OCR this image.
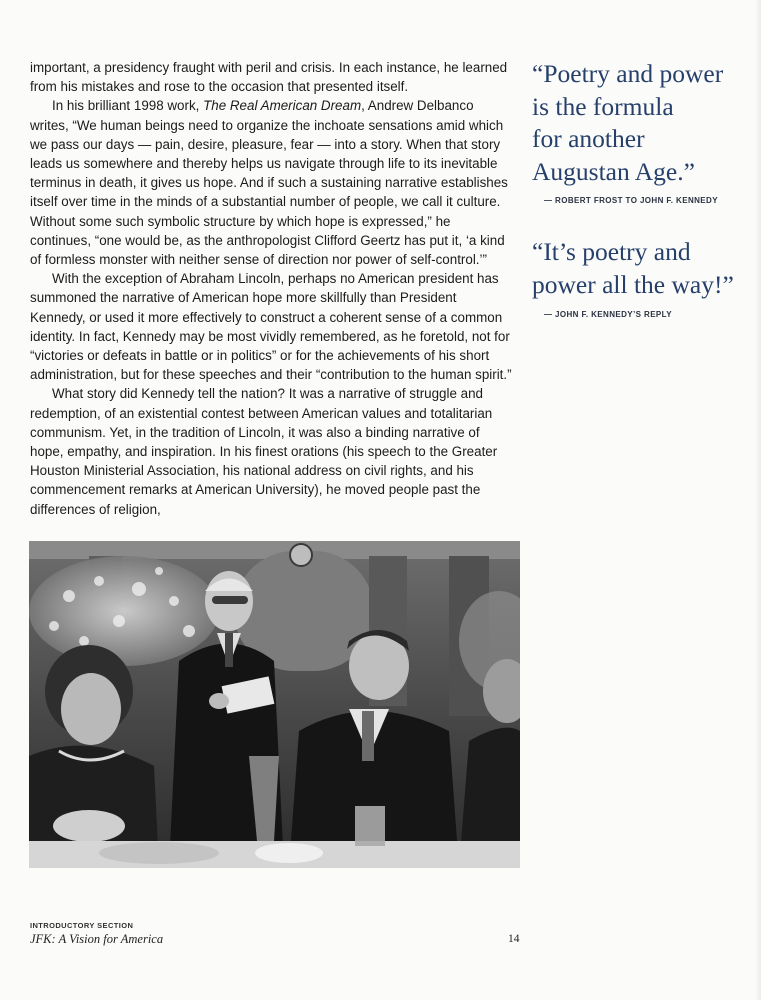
important, a presidency fraught with peril and crisis. In each instance, he learned from his mistakes and rose to the occasion that presented itself.

In his brilliant 1998 work, The Real American Dream, Andrew Delbanco writes, “We human beings need to organize the inchoate sensations amid which we pass our days — pain, desire, pleasure, fear — into a story. When that story leads us somewhere and thereby helps us navigate through life to its inevitable terminus in death, it gives us hope. And if such a sustaining narrative establishes itself over time in the minds of a substantial number of people, we call it culture. Without some such symbolic structure by which hope is expressed,” he continues, “one would be, as the anthropologist Clifford Geertz has put it, ‘a kind of formless monster with neither sense of direction nor power of self-control.’”

With the exception of Abraham Lincoln, perhaps no American president has summoned the narrative of American hope more skillfully than President Kennedy, or used it more effectively to construct a coherent sense of a common identity. In fact, Kennedy may be most vividly remembered, as he foretold, not for “victories or defeats in battle or in politics” or for the achievements of his short administration, but for these speeches and their “contribution to the human spirit.”

What story did Kennedy tell the nation? It was a narrative of struggle and redemption, of an existential contest between American values and totalitarian communism. Yet, in the tradition of Lincoln, it was also a binding narrative of hope, empathy, and inspiration. In his finest orations (his speech to the Greater Houston Ministerial Association, his national address on civil rights, and his commencement remarks at American University), he moved people past the differences of religion,

“Poetry and power
is the formula
for another
Augustan Age.”
— ROBERT FROST TO JOHN F. KENNEDY
“It’s poetry and
power all the way!”
— JOHN F. KENNEDY’S REPLY
INTRODUCTORY SECTION
JFK: A Vision for America	14
